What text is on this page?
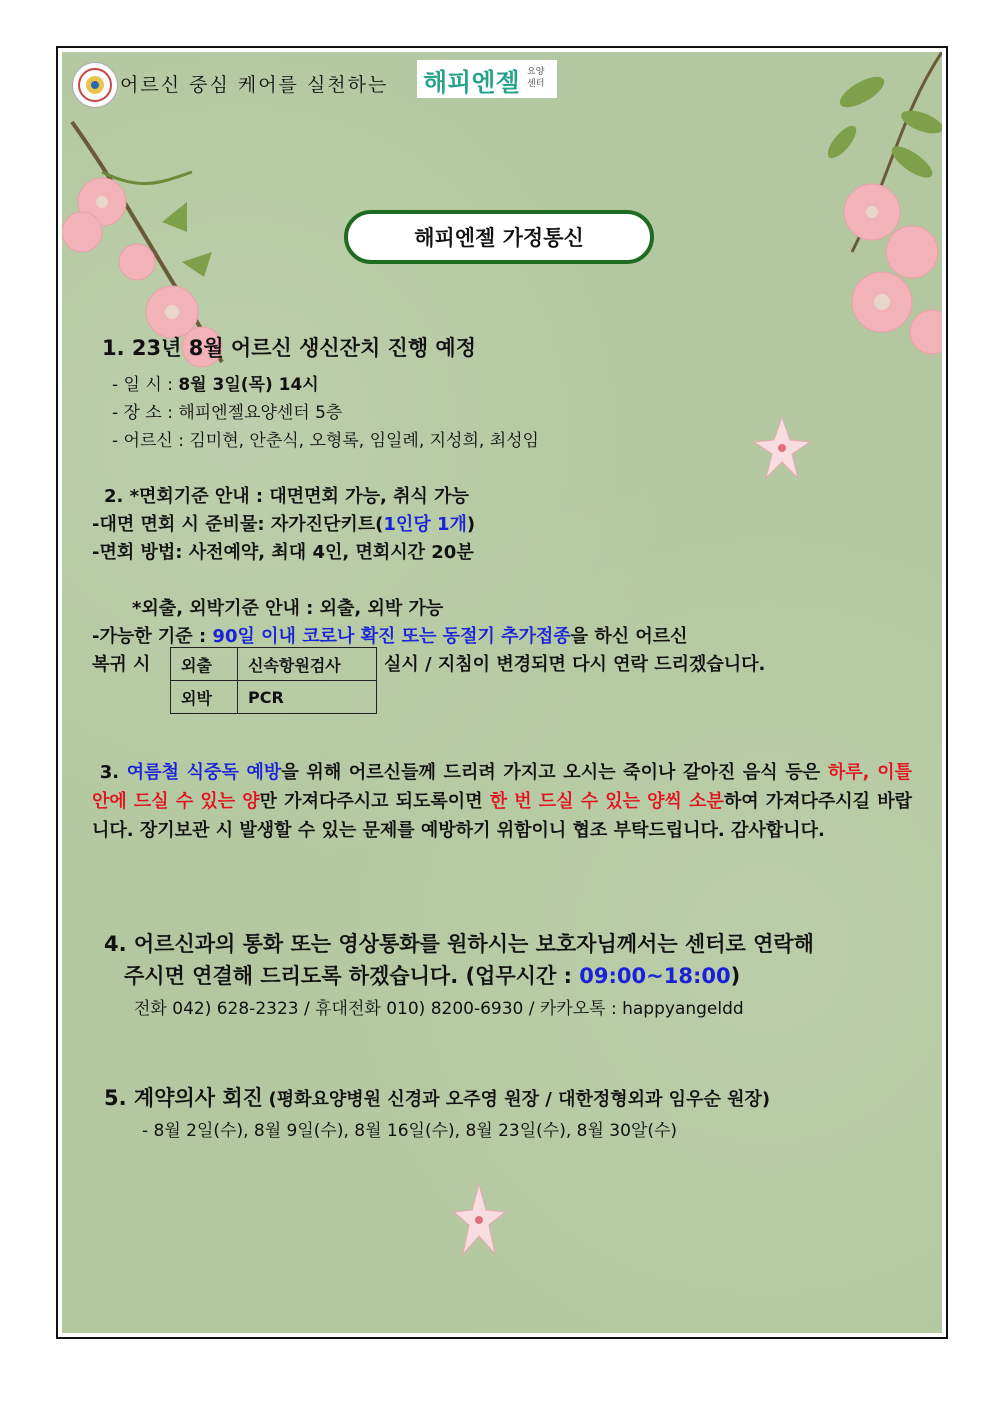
어르신 중심 케어를 실천하는 해피엔젤 요양
센터
해피엔젤 가정통신
1. 23년 8월 어르신 생신잔치 진행 예정
- 일 시 : 8월 3일(목) 14시
- 장 소 : 해피엔젤요양센터 5층
- 어르신 : 김미현, 안춘식, 오형록, 임일례, 지성희, 최성임
2. *면회기준 안내 : 대면면회 가능, 취식 가능
-대면 면회 시 준비물: 자가진단키트(1인당 1개)
-면회 방법: 사전예약, 최대 4인, 면회시간 20분
*외출, 외박기준 안내 : 외출, 외박 가능
-가능한 기준 : 90일 이내 코로나 확진 또는 동절기 추가접종을 하신 어르신
복귀 시	실시 / 지침이 변경되면 다시 연락 드리겠습니다.
외출	신속항원검사
외박	PCR
3. 여름철 식중독 예방을 위해 어르신들께 드리려 가지고 오시는 죽이나 갈아진 음식 등은 하루, 이틀 안에 드실 수 있는 양만 가져다주시고 되도록이면 한 번 드실 수 있는 양씩 소분하여 가져다주시길 바랍니다. 장기보관 시 발생할 수 있는 문제를 예방하기 위함이니 협조 부탁드립니다. 감사합니다.
4. 어르신과의 통화 또는 영상통화를 원하시는 보호자님께서는 센터로 연락해
주시면 연결해 드리도록 하겠습니다. (업무시간 : 09:00~18:00)
전화 042) 628-2323 / 휴대전화 010) 8200-6930 / 카카오톡 : happyangeldd
5. 계약의사 회진 (평화요양병원 신경과 오주영 원장 / 대한정형외과 임우순 원장)
- 8월 2일(수), 8월 9일(수), 8월 16일(수), 8월 23일(수), 8월 30알(수)
